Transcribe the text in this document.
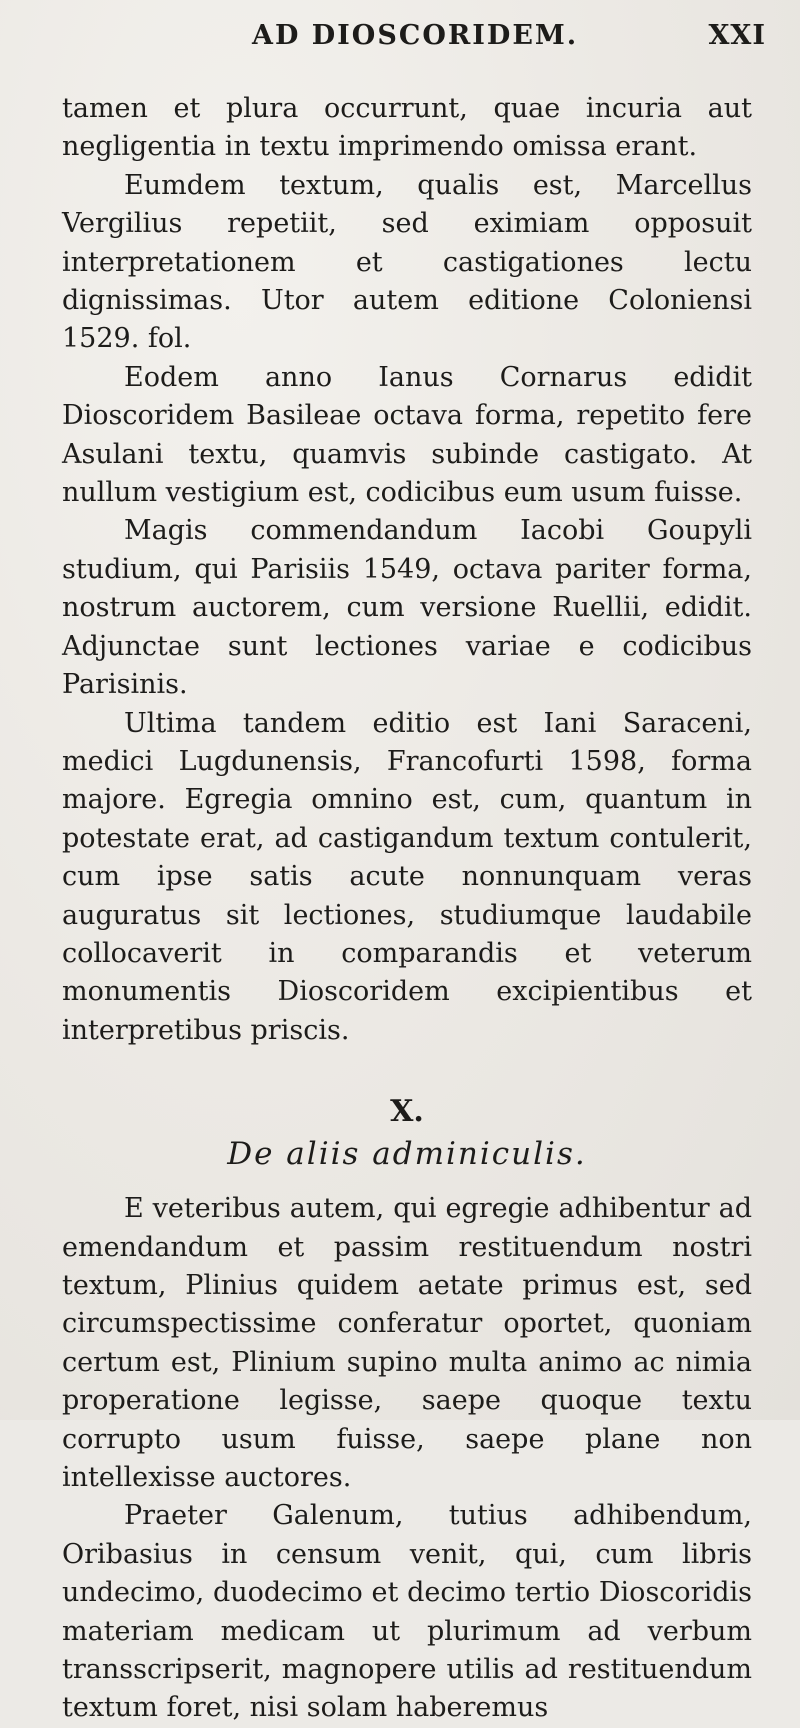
AD DIOSCORIDEM.	XXI

tamen et plura occurrunt, quae incuria aut negligentia in textu imprimendo omissa erant.

Eumdem textum, qualis est, Marcellus Vergilius repetiit, sed eximiam opposuit interpretationem et castigationes lectu dignissimas. Utor autem editione Coloniensi 1529. fol.

Eodem anno Ianus Cornarus edidit Dioscoridem Basileae octava forma, repetito fere Asulani textu, quamvis subinde castigato. At nullum vestigium est, codicibus eum usum fuisse.

Magis commendandum Iacobi Goupyli studium, qui Parisiis 1549, octava pariter forma, nostrum auctorem, cum versione Ruellii, edidit. Adjunctae sunt lectiones variae e codicibus Parisinis.

Ultima tandem editio est Iani Saraceni, medici Lugdunensis, Francofurti 1598, forma majore. Egregia omnino est, cum, quantum in potestate erat, ad castigandum textum contulerit, cum ipse satis acute nonnunquam veras auguratus sit lectiones, studiumque laudabile collocaverit in comparandis et veterum monumentis Dioscoridem excipientibus et interpretibus priscis.

X.
De aliis adminiculis.

E veteribus autem, qui egregie adhibentur ad emendandum et passim restituendum nostri textum, Plinius quidem aetate primus est, sed circumspectissime conferatur oportet, quoniam certum est, Plinium supino multa animo ac nimia properatione legisse, saepe quoque textu corrupto usum fuisse, saepe plane non intellexisse auctores.

Praeter Galenum, tutius adhibendum, Oribasius in censum venit, qui, cum libris undecimo, duodecimo et decimo tertio Dioscoridis materiam medicam ut plurimum ad verbum transscripserit, magnopere utilis ad restituendum textum foret, nisi solam haberemus
